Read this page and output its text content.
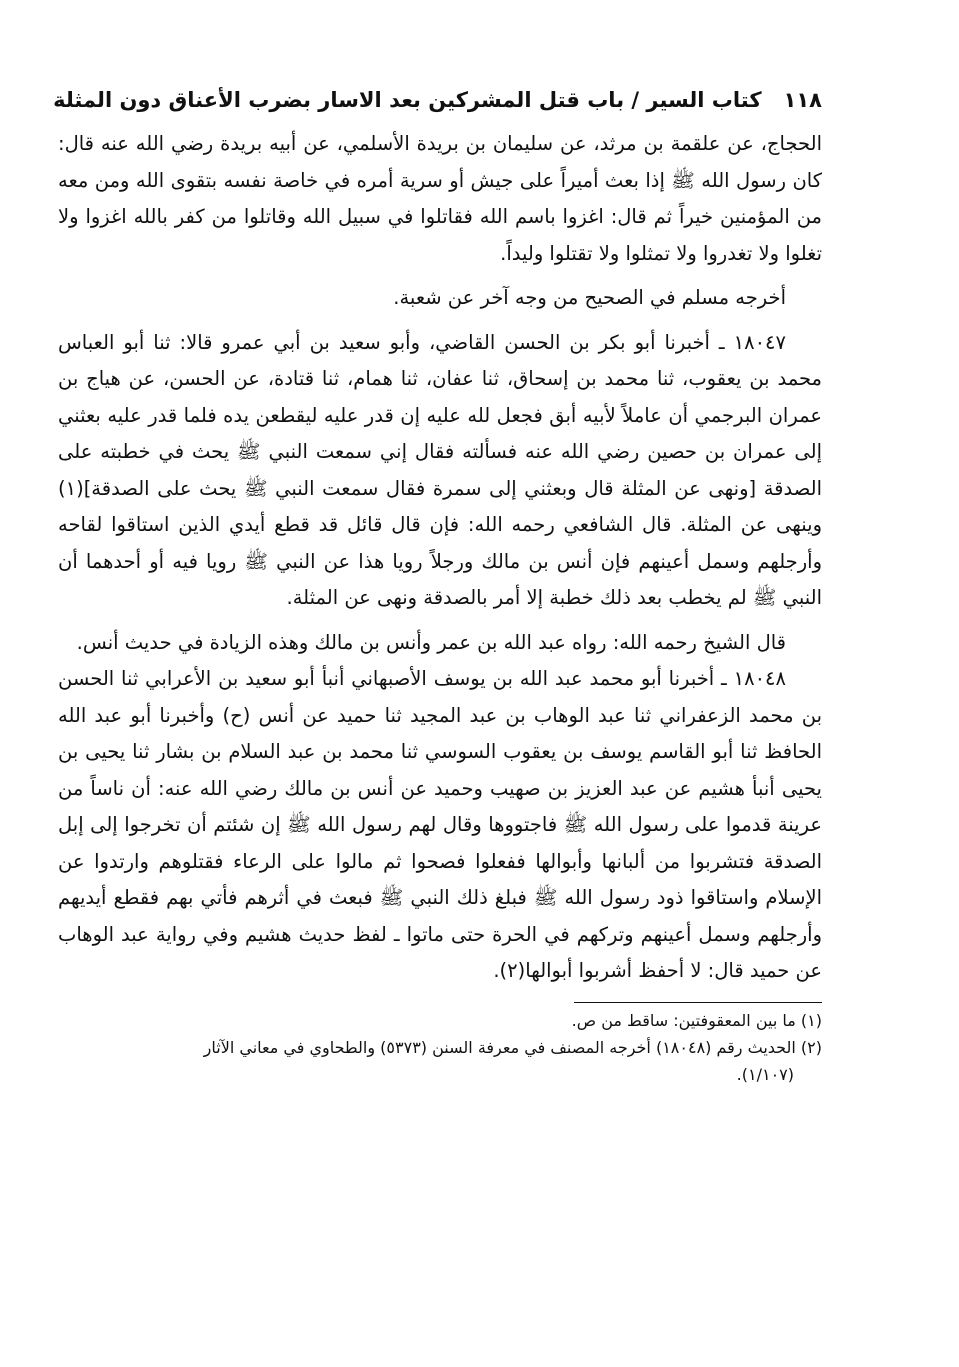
١١٨
كتاب السير / باب قتل المشركين بعد الاسار بضرب الأعناق دون المثلة

الحجاج، عن علقمة بن مرثد، عن سليمان بن بريدة الأسلمي، عن أبيه بريدة رضي الله عنه قال: كان رسول الله ﷺ إذا بعث أميراً على جيش أو سرية أمره في خاصة نفسه بتقوى الله ومن معه من المؤمنين خيراً ثم قال: اغزوا باسم الله فقاتلوا في سبيل الله وقاتلوا من كفر بالله اغزوا ولا تغلوا ولا تغدروا ولا تمثلوا ولا تقتلوا وليداً.

أخرجه مسلم في الصحيح من وجه آخر عن شعبة.

١٨٠٤٧ ـ أخبرنا أبو بكر بن الحسن القاضي، وأبو سعيد بن أبي عمرو قالا: ثنا أبو العباس محمد بن يعقوب، ثنا محمد بن إسحاق، ثنا عفان، ثنا همام، ثنا قتادة، عن الحسن، عن هياج بن عمران البرجمي أن عاملاً لأبيه أبق فجعل لله عليه إن قدر عليه ليقطعن يده فلما قدر عليه بعثني إلى عمران بن حصين رضي الله عنه فسألته فقال إني سمعت النبي ﷺ يحث في خطبته على الصدقة [ونهى عن المثلة قال وبعثني إلى سمرة فقال سمعت النبي ﷺ يحث على الصدقة](١) وينهى عن المثلة. قال الشافعي رحمه الله: فإن قال قائل قد قطع أيدي الذين استاقوا لقاحه وأرجلهم وسمل أعينهم فإن أنس بن مالك ورجلاً رويا هذا عن النبي ﷺ رويا فيه أو أحدهما أن النبي ﷺ لم يخطب بعد ذلك خطبة إلا أمر بالصدقة ونهى عن المثلة.

قال الشيخ رحمه الله: رواه عبد الله بن عمر وأنس بن مالك وهذه الزيادة في حديث أنس.

١٨٠٤٨ ـ أخبرنا أبو محمد عبد الله بن يوسف الأصبهاني أنبأ أبو سعيد بن الأعرابي ثنا الحسن بن محمد الزعفراني ثنا عبد الوهاب بن عبد المجيد ثنا حميد عن أنس (ح) وأخبرنا أبو عبد الله الحافظ ثنا أبو القاسم يوسف بن يعقوب السوسي ثنا محمد بن عبد السلام بن بشار ثنا يحيى بن يحيى أنبأ هشيم عن عبد العزيز بن صهيب وحميد عن أنس بن مالك رضي الله عنه: أن ناساً من عرينة قدموا على رسول الله ﷺ فاجتووها وقال لهم رسول الله ﷺ إن شئتم أن تخرجوا إلى إبل الصدقة فتشربوا من ألبانها وأبوالها ففعلوا فصحوا ثم مالوا على الرعاء فقتلوهم وارتدوا عن الإسلام واستاقوا ذود رسول الله ﷺ فبلغ ذلك النبي ﷺ فبعث في أثرهم فأتي بهم فقطع أيديهم وأرجلهم وسمل أعينهم وتركهم في الحرة حتى ماتوا ـ لفظ حديث هشيم وفي رواية عبد الوهاب عن حميد قال: لا أحفظ أشربوا أبوالها(٢).

(١) ما بين المعقوفتين: ساقط من ص.

(٢) الحديث رقم (١٨٠٤٨) أخرجه المصنف في معرفة السنن (٥٣٧٣) والطحاوي في معاني الآثار

(١/١٠٧).
